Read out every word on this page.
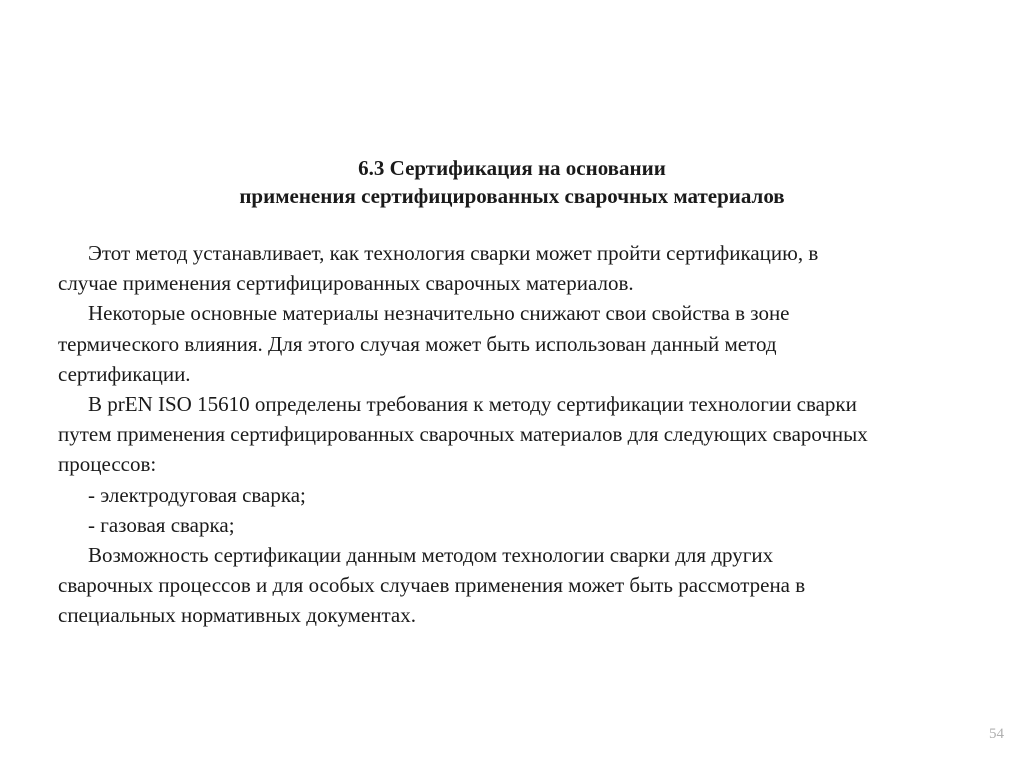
6.3 Сертификация на основании
применения сертифицированных сварочных материалов
Этот метод устанавливает, как технология сварки может пройти сертификацию, в
случае применения сертифицированных сварочных материалов.
Некоторые основные материалы незначительно снижают свои свойства в зоне
термического влияния. Для этого случая может быть использован данный метод
сертификации.
В prEN ISO 15610 определены требования к методу сертификации технологии сварки
путем применения сертифицированных сварочных материалов для следующих сварочных
процессов:
- электродуговая сварка;
- газовая сварка;
Возможность сертификации данным методом технологии сварки для других
сварочных процессов и для особых случаев применения может быть рассмотрена в
специальных нормативных документах.
54
